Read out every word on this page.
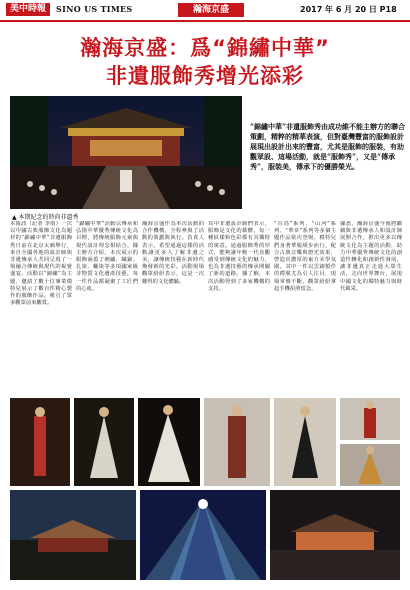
美中時報	SINO US TIMES	瀚海京盛	2017 年 6 月 20 日 P18
瀚海京盛：爲“錦繡中華”
非遺服飾秀增光添彩
“錦繡中華”非遺服飾秀由成功維不能主辦方的聯合策劃，精粹的精華表演，但對臺灣豐富的服飾設計展現出設計出來的豐富，尤其是服飾的服裝，有助觀眾設、這場活動，就是“服飾秀”，又是“傳承秀”，服裝美，傳承下的優勝榮光。
▲ 本期紀念的時尚非遺秀
本報訊（記者 李雨）一次以中國古典服飾文化為題材的“錦繡中華”非遺服飾秀日前在北京太廟舉行，來自全國各地的設計師與非遺傳承人共同呈現了一場融合傳統與現代的視覺盛宴。活動以“錦繡”為主題，邀請了數十位專業模特兒展示了數百件精心製作的服飾作品，吸引了眾多觀眾前來觀賞。
“錦繡中華”活動以傳承和弘揚中華優秀傳統文化為目標，將傳統服飾元素與現代設計理念相結合。據主辦方介紹，本次展示的服飾涵蓋了刺繡、織錦、扎染、蠟染等多項國家級非物質文化遺產技藝，每一件作品都凝聚了工匠們的心血。
瀚海京盛作為本次活動的合作機構，全程參與了活動的策劃與執行。負責人表示，希望通過這樣的活動讓更多人了解非遺之美，讓傳統技藝在新時代煥發新的光彩。活動現場觀眾紛紛表示，這是一次難得的文化體驗。
其中非遺設計師們表示，服飾是文化的載體，每一種紋樣和色彩都有其獨特的寓意。通過服飾秀的形式，能夠讓年輕一代直觀感受到傳統文化的魅力，也為非遺技藝的傳承開闢了新的道路。據了解，本次活動得到了多家機構的支持。
“百鳥”系列、“山河”系列、“華章”系列等多個主題作品依次登場，模特兒們身著華服緩步而行，配合古典音樂與燈光效果，營造出濃厚的東方美學氛圍。其中一件以雲錦製作的禮服尤為引人注目，現場掌聲不斷，觀眾紛紛拿起手機拍照留念。
據悉，瀚海京盛今後將繼續與非遺傳承人和設計師展開合作，推出更多以傳統文化為主題的活動，助力中華優秀傳統文化的創造性轉化和創新性發展，讓非遺真正走進大眾生活，走向世界舞台，展現中國文化的獨特魅力與時代風采。
